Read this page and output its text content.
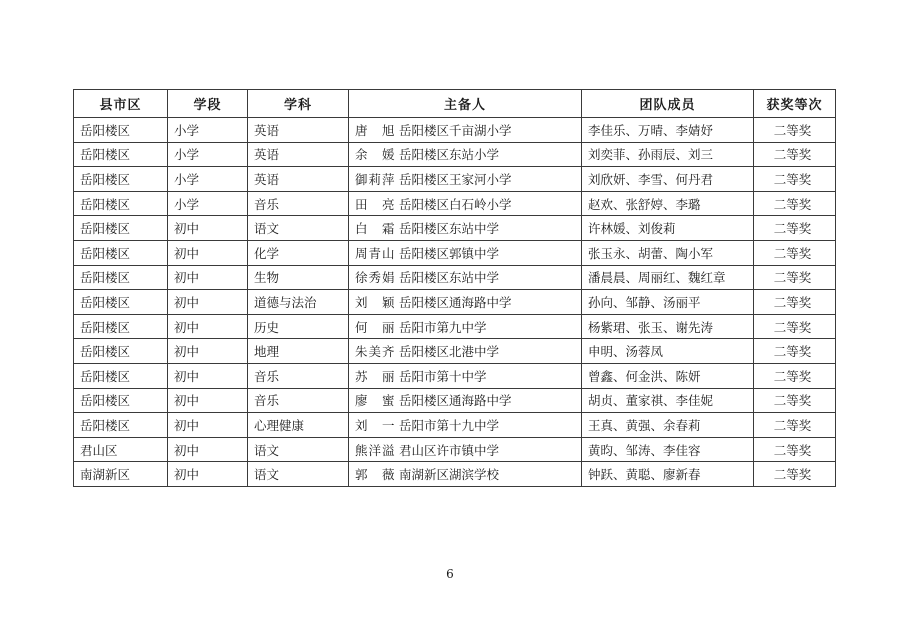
县市区	学段	学科	主备人	团队成员	获奖等次
岳阳楼区	小学	英语	唐　旭 岳阳楼区千亩湖小学	李佳乐、万晴、李婧妤	二等奖
岳阳楼区	小学	英语	余　媛 岳阳楼区东站小学	刘奕菲、孙雨辰、刘三	二等奖
岳阳楼区	小学	英语	御莉萍 岳阳楼区王家河小学	刘欣妍、李雪、何丹君	二等奖
岳阳楼区	小学	音乐	田　亮 岳阳楼区白石岭小学	赵欢、张舒婷、李璐	二等奖
岳阳楼区	初中	语文	白　霜 岳阳楼区东站中学	许林媛、刘俊莉	二等奖
岳阳楼区	初中	化学	周青山 岳阳楼区郭镇中学	张玉永、胡蕾、陶小军	二等奖
岳阳楼区	初中	生物	徐秀娟 岳阳楼区东站中学	潘晨晨、周丽红、魏红章	二等奖
岳阳楼区	初中	道德与法治	刘　颖 岳阳楼区通海路中学	孙向、邹静、汤丽平	二等奖
岳阳楼区	初中	历史	何　丽 岳阳市第九中学	杨紫珺、张玉、谢先涛	二等奖
岳阳楼区	初中	地理	朱美齐 岳阳楼区北港中学	申明、汤蓉凤	二等奖
岳阳楼区	初中	音乐	苏　丽 岳阳市第十中学	曾鑫、何金洪、陈妍	二等奖
岳阳楼区	初中	音乐	廖　蜜 岳阳楼区通海路中学	胡贞、董家祺、李佳妮	二等奖
岳阳楼区	初中	心理健康	刘　一 岳阳市第十九中学	王真、黄强、余春莉	二等奖
君山区	初中	语文	熊洋溢 君山区许市镇中学	黄昀、邹涛、李佳容	二等奖
南湖新区	初中	语文	郭　薇 南湖新区湖滨学校	钟跃、黄聪、廖新春	二等奖
6
